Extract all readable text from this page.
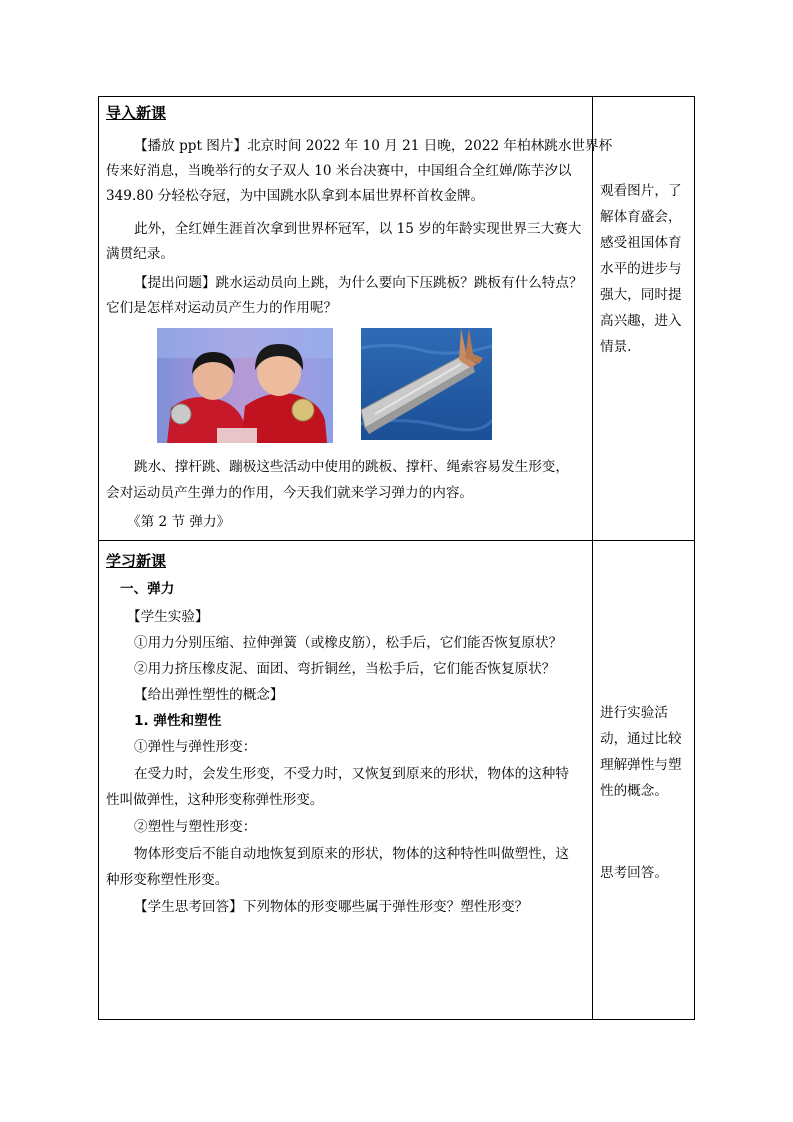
导入新课
【播放 ppt 图片】北京时间 2022 年 10 月 21 日晚，2022 年柏林跳水世界杯
传来好消息，当晚举行的女子双人 10 米台决赛中，中国组合全红婵/陈芋汐以
349.80 分轻松夺冠，为中国跳水队拿到本届世界杯首枚金牌。
此外，全红婵生涯首次拿到世界杯冠军，以 15 岁的年龄实现世界三大赛大
满贯纪录。
【提出问题】跳水运动员向上跳，为什么要向下压跳板？跳板有什么特点？
它们是怎样对运动员产生力的作用呢？
跳水、撑杆跳、蹦极这些活动中使用的跳板、撑杆、绳索容易发生形变，
会对运动员产生弹力的作用，今天我们就来学习弹力的内容。
《第 2 节 弹力》
观看图片，了
解体育盛会，
感受祖国体育
水平的进步与
强大，同时提
高兴趣，进入
情景.
学习新课
一、弹力
【学生实验】
①用力分别压缩、拉伸弹簧（或橡皮筋），松手后，它们能否恢复原状？
②用力挤压橡皮泥、面团、弯折铜丝，当松手后，它们能否恢复原状？
【给出弹性塑性的概念】
1. 弹性和塑性
①弹性与弹性形变：
在受力时，会发生形变，不受力时，又恢复到原来的形状，物体的这种特
性叫做弹性，这种形变称弹性形变。
②塑性与塑性形变：
物体形变后不能自动地恢复到原来的形状，物体的这种特性叫做塑性，这
种形变称塑性形变。
【学生思考回答】下列物体的形变哪些属于弹性形变？塑性形变？
进行实验活
动，通过比较
理解弹性与塑
性的概念。
思考回答。
